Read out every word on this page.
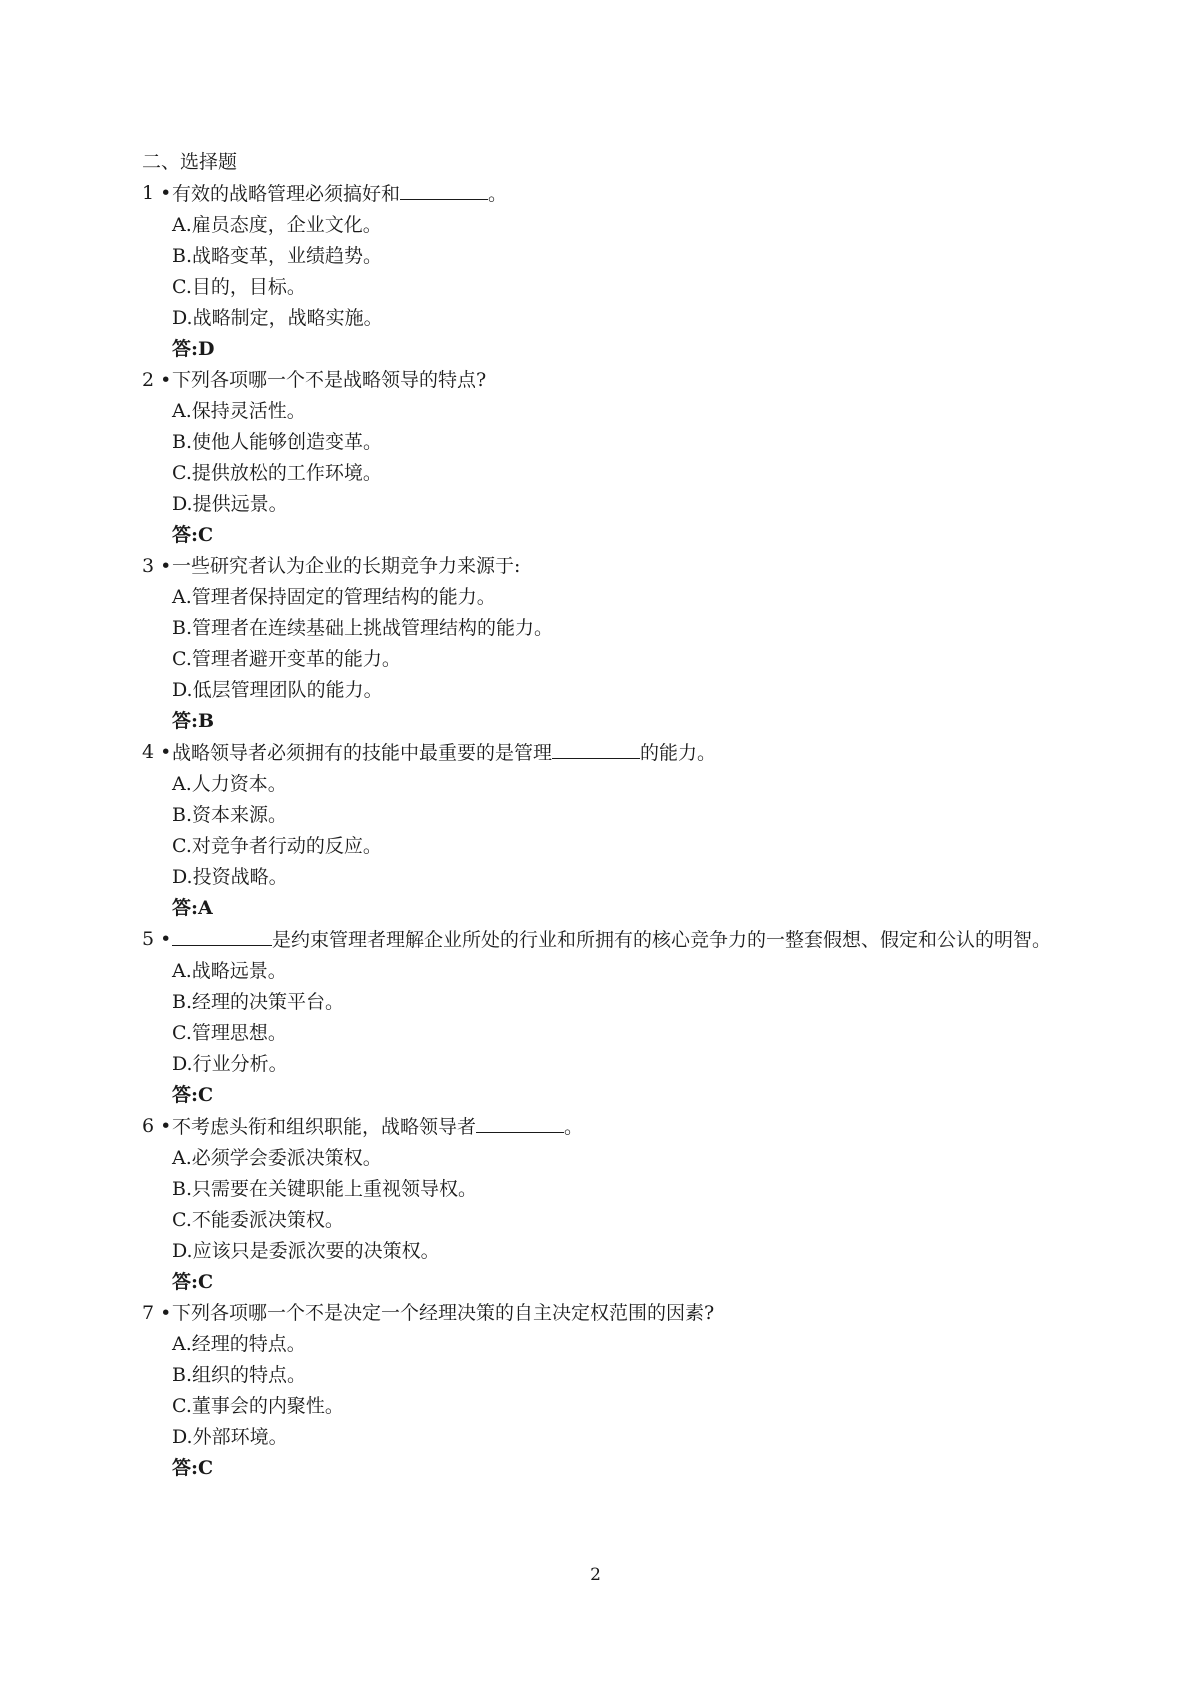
二、选择题
1 • 有效的战略管理必须搞好和	。
A.雇员态度，企业文化。
B.战略变革，业绩趋势。
C.目的，目标。
D.战略制定，战略实施。
答:D
2 • 下列各项哪一个不是战略领导的特点?
A.保持灵活性。
B.使他人能够创造变革。
C.提供放松的工作环境。
D.提供远景。
答:C
3 • 一些研究者认为企业的长期竞争力来源于:
A.管理者保持固定的管理结构的能力。
B.管理者在连续基础上挑战管理结构的能力。
C.管理者避开变革的能力。
D.低层管理团队的能力。
答:B
4 • 战略领导者必须拥有的技能中最重要的是管理	的能力。
A.人力资本。
B.资本来源。
C.对竞争者行动的反应。
D.投资战略。
答:A
5 •	是约束管理者理解企业所处的行业和所拥有的核心竞争力的一整套假想、假定和公认的明智。
A.战略远景。
B.经理的决策平台。
C.管理思想。
D.行业分析。
答:C
6 • 不考虑头衔和组织职能，战略领导者	。
A.必须学会委派决策权。
B.只需要在关键职能上重视领导权。
C.不能委派决策权。
D.应该只是委派次要的决策权。
答:C
7 • 下列各项哪一个不是决定一个经理决策的自主决定权范围的因素?
A.经理的特点。
B.组织的特点。
C.董事会的内聚性。
D.外部环境。
答:C
2
